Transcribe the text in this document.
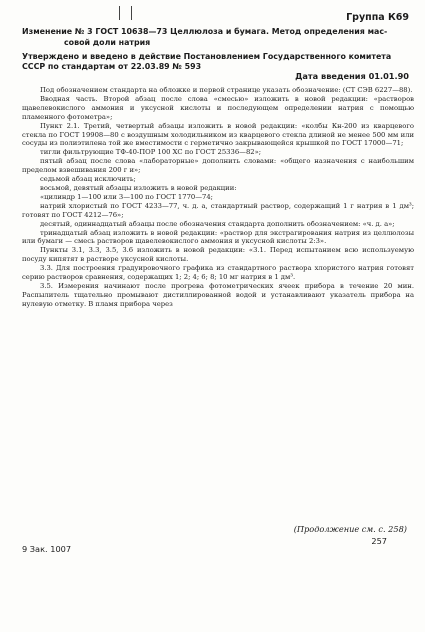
Группа К69
Изменение № 3 ГОСТ 10638—73 Целлюлоза и бумага. Метод определения мас-
совой доли натрия
Утверждено и введено в действие Постановлением Государственного комитета
СССР по стандартам от 22.03.89 № 593
Дата введения 01.01.90

Под обозначением стандарта на обложке и первой странице указать обозначение: (СТ СЭВ 6227—88).

Вводная часть. Второй абзац после слова «смесью» изложить в новой редакции: «растворов щавелевокислого аммония и уксусной кислоты и последующем определении натрия с помощью пламенного фотометра»;

Пункт 2.1. Третий, четвертый абзацы изложить в новой редакции: «колбы Кн-200 из кварцевого стекла по ГОСТ 19908—80 с воздушным холодильником из кварцевого стекла длиной не менее 500 мм или сосуды из полиэтилена той же вместимости с герметично закрывающейся крышкой по ГОСТ 17000—71;

тигли фильтрующие ТФ-40-ПОР 100 ХС по ГОСТ 25336—82»;

пятый абзац после слова «лабораторные» дополнить словами: «общего назначения с наибольшим пределом взвешивания 200 г и»;

седьмой абзац исключить;

восьмой, девятый абзацы изложить в новой редакции:

«цилиндр 1—100 или 3—100 по ГОСТ 1770—74;

натрий хлористый по ГОСТ 4233—77, ч. д. а, стандартный раствор, содержащий 1 г натрия в 1 дм³; готовят по ГОСТ 4212—76»;

десятый, одиннадцатый абзацы после обозначения стандарта дополнить обозначением: «ч. д. а»;

тринадцатый абзац изложить в новой редакции: «раствор для экстрагирования натрия из целлюлозы или бумаги — смесь растворов щавелевокислого аммония и уксусной кислоты 2:3».

Пункты 3.1, 3.3, 3.5, 3.6 изложить в новой редакции: «3.1. Перед испытанием всю используемую посуду кипятят в растворе уксусной кислоты.

3.3. Для построения градуировочного графика из стандартного раствора хлористого натрия готовят серию растворов сравнения, содержащих 1; 2; 4; 6; 8; 10 мг натрия в 1 дм³.

3.5. Измерения начинают после прогрева фотометрических ячеек прибора в течение 20 мин. Распылитель тщательно промывают дистиллированной водой и устанавливают указатель прибора на нулевую отметку. В пламя прибора через

(Продолжение см. с. 258)
257
9 Зак. 1007
